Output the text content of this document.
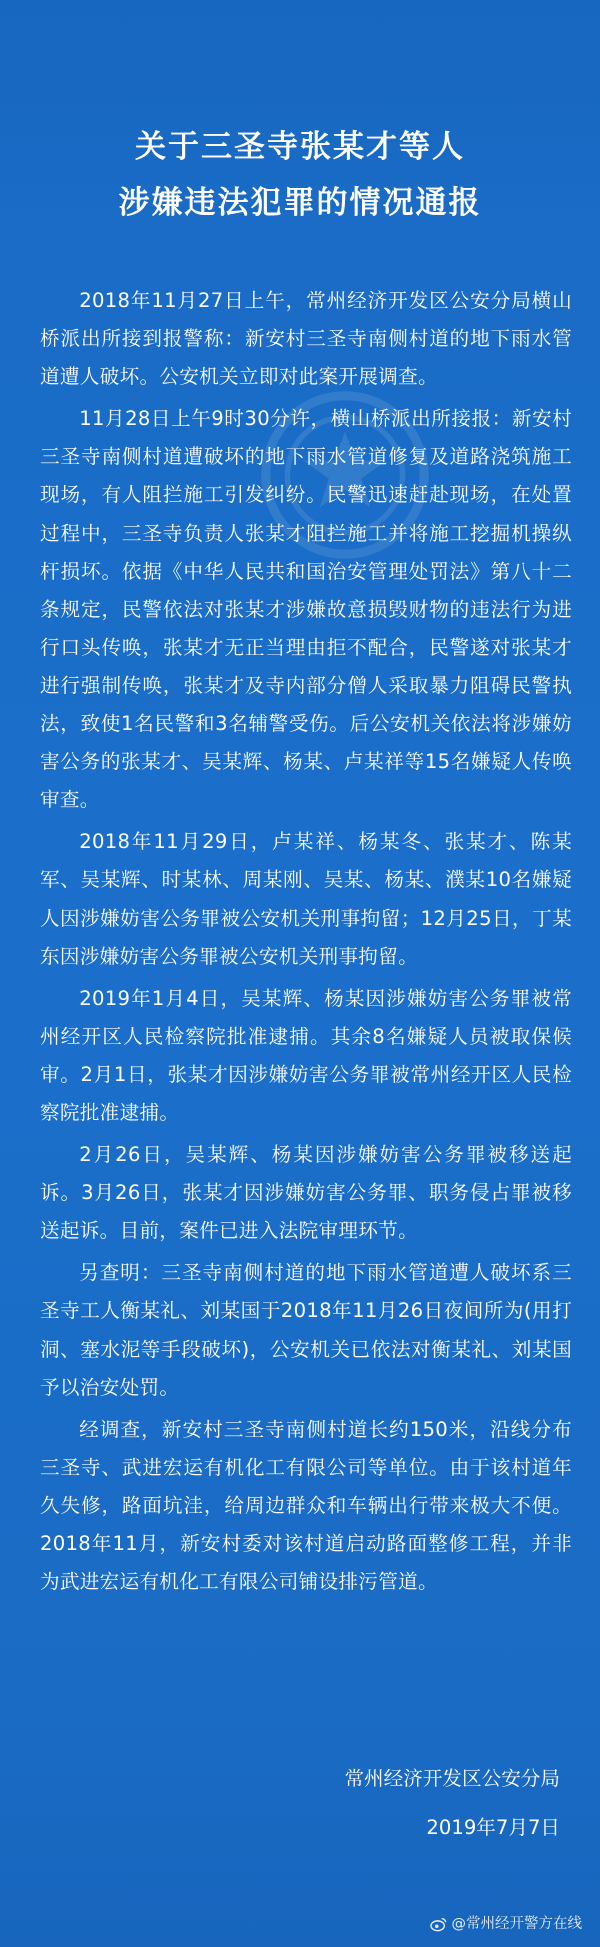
关于三圣寺张某才等人
涉嫌违法犯罪的情况通报

2018年11月27日上午，常州经济开发区公安分局横山桥派出所接到报警称：新安村三圣寺南侧村道的地下雨水管道遭人破坏。公安机关立即对此案开展调查。

11月28日上午9时30分许，横山桥派出所接报：新安村三圣寺南侧村道遭破坏的地下雨水管道修复及道路浇筑施工现场，有人阻拦施工引发纠纷。民警迅速赶赴现场，在处置过程中，三圣寺负责人张某才阻拦施工并将施工挖掘机操纵杆损坏。依据《中华人民共和国治安管理处罚法》第八十二条规定，民警依法对张某才涉嫌故意损毁财物的违法行为进行口头传唤，张某才无正当理由拒不配合，民警遂对张某才进行强制传唤，张某才及寺内部分僧人采取暴力阻碍民警执法，致使1名民警和3名辅警受伤。后公安机关依法将涉嫌妨害公务的张某才、吴某辉、杨某、卢某祥等15名嫌疑人传唤审查。

2018年11月29日，卢某祥、杨某冬、张某才、陈某军、吴某辉、时某林、周某刚、吴某、杨某、濮某10名嫌疑人因涉嫌妨害公务罪被公安机关刑事拘留；12月25日，丁某东因涉嫌妨害公务罪被公安机关刑事拘留。

2019年1月4日，吴某辉、杨某因涉嫌妨害公务罪被常州经开区人民检察院批准逮捕。其余8名嫌疑人员被取保候审。2月1日，张某才因涉嫌妨害公务罪被常州经开区人民检察院批准逮捕。

2月26日，吴某辉、杨某因涉嫌妨害公务罪被移送起诉。3月26日，张某才因涉嫌妨害公务罪、职务侵占罪被移送起诉。目前，案件已进入法院审理环节。

另查明：三圣寺南侧村道的地下雨水管道遭人破坏系三圣寺工人衡某礼、刘某国于2018年11月26日夜间所为(用打洞、塞水泥等手段破坏)，公安机关已依法对衡某礼、刘某国予以治安处罚。

经调查，新安村三圣寺南侧村道长约150米，沿线分布三圣寺、武进宏运有机化工有限公司等单位。由于该村道年久失修，路面坑洼，给周边群众和车辆出行带来极大不便。2018年11月，新安村委对该村道启动路面整修工程，并非为武进宏运有机化工有限公司铺设排污管道。

常州经济开发区公安分局
2019年7月7日
@常州经开警方在线
